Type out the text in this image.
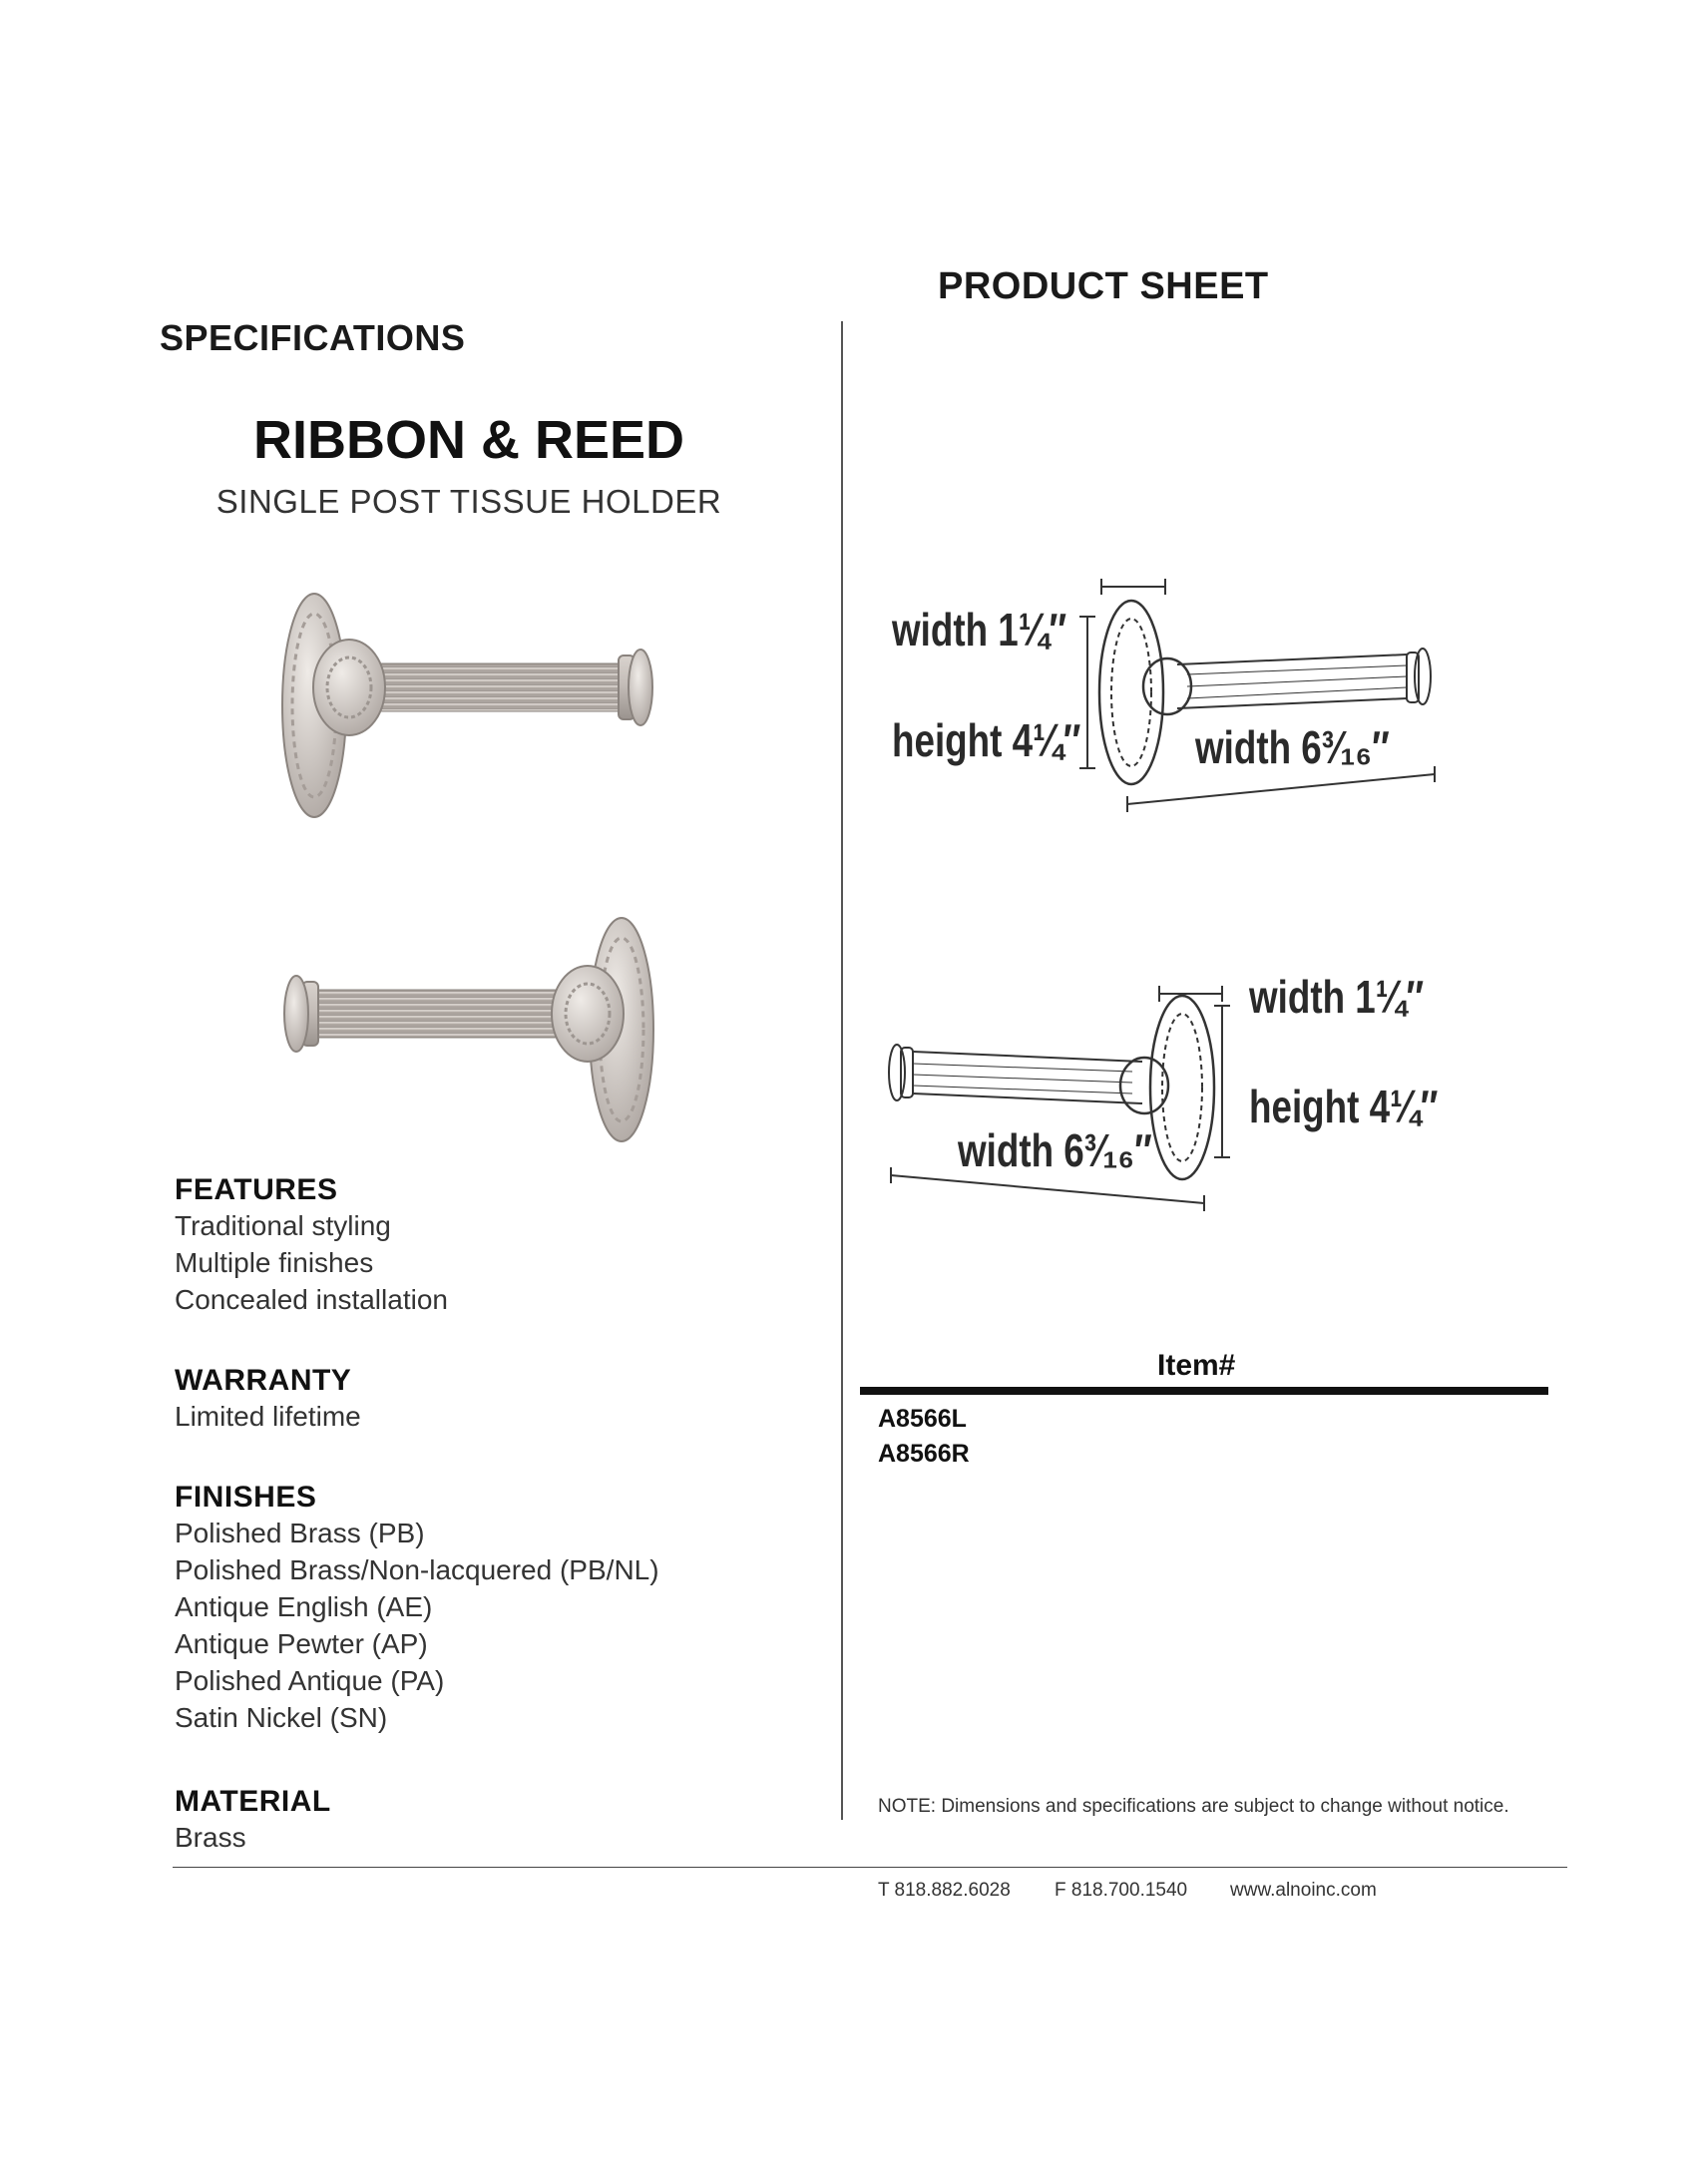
PRODUCT SHEET
SPECIFICATIONS
RIBBON & REED
SINGLE POST TISSUE HOLDER
FEATURES
Traditional styling
Multiple finishes
Concealed installation
WARRANTY
Limited lifetime
FINISHES
Polished Brass (PB)
Polished Brass/Non-lacquered (PB/NL)
Antique English (AE)
Antique Pewter (AP)
Polished Antique (PA)
Satin Nickel (SN)
MATERIAL
Brass
width 1¼″
height 4¼″ width 6³⁄₁₆″
width 1¼″
height 4¼″
width 6³⁄₁₆″
Item#
A8566L
A8566R
NOTE: Dimensions and specifications are subject to change without notice.
T 818.882.6028 F 818.700.1540 www.alnoinc.com
